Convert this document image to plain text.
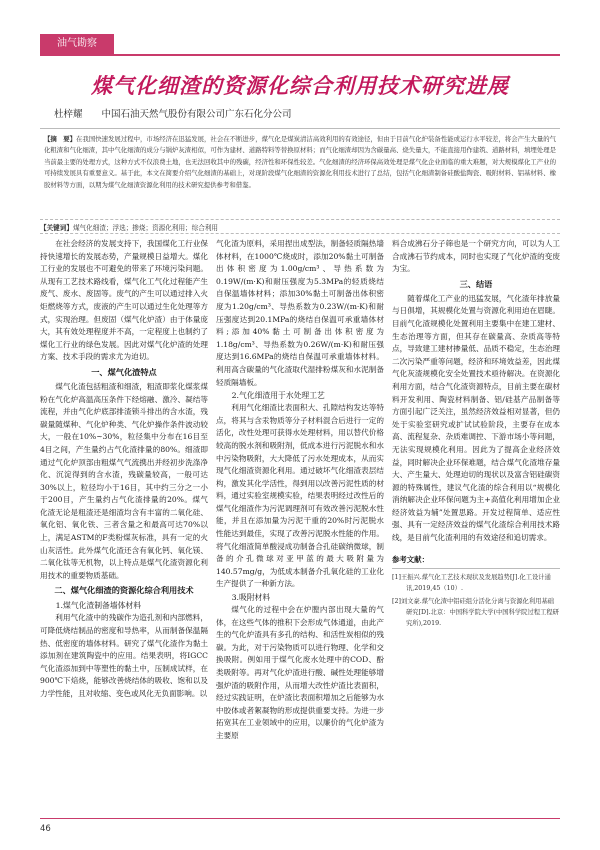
油气勘察
煤气化细渣的资源化综合利用技术研究进展
杜梓耀 中国石油天然气股份有限公司广东石化分公司
【摘　要】在我国快速发展过程中，市场经济在迅猛发展，社会在不断进步，煤气化是煤炭清洁高效利用的有效途径，但由于目前气化炉装备性能或运行水平较差，将会产生大量的气化粗渣和气化细渣，其中气化细渣的成分与锅炉灰渣相似，可作为建材、道路特料等替换原材料；而气化细渣却因为含碳量高、烧失量大，不能直接用作建筑、道路材料，填埋处理是当前最主要的处理方式，这种方式不仅浪费土地，也无法回收其中的残碳，经济性和环保性较差。气化细渣的经济环保高效处理是煤气化企业面临的重大难题，对大规模煤化工产业的可持续发展具有重要意义。基于此，本文在简要介绍气化细渣的基础上，对现阶段煤气化细渣的资源化利用技术进行了总结，包括气化细渣制备硅酸盐陶瓷、吸附材料、铝基材料、橡胶材料等方面，以期为煤气化细渣资源化利用的技术研究提供参考和借鉴。
【关键词】煤气化细渣；浮选；掺烧；资源化利用；综合利用

在社会经济的发展支持下，我国煤化工行业保持快速增长的发展态势，产量规模日益增大。煤化工行业的发展也不可避免的带来了环境污染问题。从现有工艺技术路线看，煤气化工气化过程能产生废气、废水、废固等。废气的产生可以通过排入火炬燃烧等方式，废液的产生可以通过生化处理等方式，实现治理。但废固（煤气化炉渣）由于体量庞大，其有效处理程度并不高，一定程度上也制约了煤化工行业的绿色发展。因此对煤气化炉渣的处理方案、技术手段的需求尤为迫切。

一、煤气化渣特点

煤气化渣包括粗渣和细渣，粗渣即浆化煤浆煤粉在气化炉高温高压条件下经熔融、激冷、凝结等流程，并由气化炉底部排渣锁斗排出的含水渣，残碳量随煤种、气化炉种类、气化炉操作条件波动较大，一般在10%~30%，粒径集中分布在16目至4目之间，产生量约占气化渣排量的80%。细渣即通过气化炉顶部由粗煤气气流携出并经初步洗涤净化、沉淀得到的含水渣，残碳量较高，一般可达30%以上，粒径均小于16目，其中约三分之一小于200目，产生量约占气化渣排量的20%。煤气化渣无论是粗渣还是细渣均含有丰富的二氧化硅、氧化铝、氧化铁、三者含量之和最高可达70%以上，满足ASTM的F类粉煤灰标准，具有一定的火山灰活性。此外煤气化渣还含有氧化钙、氧化镁、二氧化钛等无机物，以上特点是煤气化渣资源化利用技术的重要物质基础。

二、煤气化细渣的资源化综合利用技术
1.煤气化渣制备墙体材料

利用气化渣中的残碳作为造孔剂和内部燃料，可降低烧结制品的密度和导热率，从而制备保温隔热、低密度的墙体材料。研究了煤气化渣作为黏土添加剂在建筑陶瓷中的应用。结果表明，将IGCC气化渣添加到中等塑性的黏土中，压制成试样，在900℃下焙烧，能够改善烧结体的吸收、饱和以及力学性能，且对收缩、变色或风化无负面影响。以

气化渣为原料，采用捏出成型法，制备轻质隔热墙体材料，在1000℃烧成时，添加20%黏土可制备出体积密度为1.00g/cm³、导热系数为0.19W/(m·K)和耐压强度为5.3MPa的轻质烧结自保温墙体材料；添加30%黏土可制备出体积密度为1.20g/cm³、导热系数为0.23W/(m·K)和耐压强度达到20.1MPa的烧结自保温可承重墙体材料;添加40%黏土可制备出体积密度为1.18g/cm³、导热系数为0.26W/(m·K)和耐压强度达到16.6MPa的烧结自保温可承重墙体材料。利用高含碳量的气化渣取代湿排粉煤灰和水泥制备轻质隔墙板。

2.气化细渣用于水处理工艺

利用气化细渣比表面积大、孔隙结构发达等特点，将其与含汞物质等分子材料混合后进行一定的活化，改性处理可获得水处理材料，用以替代价格较高的脱水剂和吸附剂，低成本进行污泥脱水和水中污染物吸附，大大降低了污水处理成本，从而实现气化细渣资源化利用。通过破坏气化细渣表层结构，激发其化学活性，得到用以改善污泥性质的材料，通过实验室规模实验，结果表明经过改性后的煤气化细渣作为污泥调理剂可有效改善污泥脱水性能，并且在添加量为污泥干重的20%时污泥脱水性能达到最佳，实现了改善污泥脱水性能的作用。将气化细渣简单酸浸成功制备合孔硅碳纳微球，制备的介孔微球对亚甲蓝的最大吸附量为140.57mg/g，为低成本制备介孔氧化硅的工业化生产提供了一种新方法。

3.吸附材料

煤气化的过程中会在炉膛内部出现大量的气体，在这些气体的推积下会形成气体通道，由此产生的气化炉渣具有多孔的结构、和活性炭相似的残碳。为此，对于污染物质可以进行物理、化学和交换吸附。例如用于煤气化废水处理中的COD、酚类吸附等。再对气化炉渣进行酸、碱性处理能够增强炉渣的吸附作用，从而增大改性炉渣比表面积，经过实践证明，在炉渣比表面积增加之后能够为水中胶体或者絮凝物的形成提供重要支持。为进一步拓宽其在工业领域中的应用，以廉价的气化炉渣为主要原

料合成沸石分子筛也是一个研究方向，可以为人工合成沸石节约成本，同时也实现了气化炉渣的变废为宝。

三、结语

随着煤化工产业的迅猛发展，气化渣年排放量与日俱增，其规模化处置与资源化利用迫在眉睫。目前气化渣规模化处置利用主要集中在建工建材、生态治理等方面，但其存在碳量高、杂质高等特点，导致建工建材掺量低、品质不稳定，生态治理二次污染严重等问题，经济和环境效益差，因此煤气化灰渣规模化安全处置技术亟待解决。在资源化利用方面，结合气化渣资源特点，目前主要在碳材料开发利用、陶瓷材料制备、铝/硅基产品制备等方面引起广泛关注，虽然经济效益相对显著，但仍处于实验室研究或扩试试验阶段，主要存在成本高、流程复杂、杂质难调控、下游市场小等问题，无法实现规模化利用。因此为了提高企业经济效益，同时解决企业环保难题，结合煤气化渣堆存量大、产生量大、处理迫切的现状以及富含铝硅碳资源的特殊属性，建议气化渣的综合利用以“规模化消纳解决企业环保问题为主+高值化利用增加企业经济效益为辅”处置思路。开发过程简单、适应性强、具有一定经济效益的煤气化渣综合利用技术路线，是目前气化渣利用的有效途径和追切需求。

参考文献：

[1]王振兴.煤气化工艺技术现状及发展趋势[J].化工设计通讯,2019,45（10）.

[2]刘文豪.煤气化渣中铝硅组分活化分离与资源化利用基础研究[D].北京：中国科学院大学(中国科学院过程工程研究所),2019.

46
